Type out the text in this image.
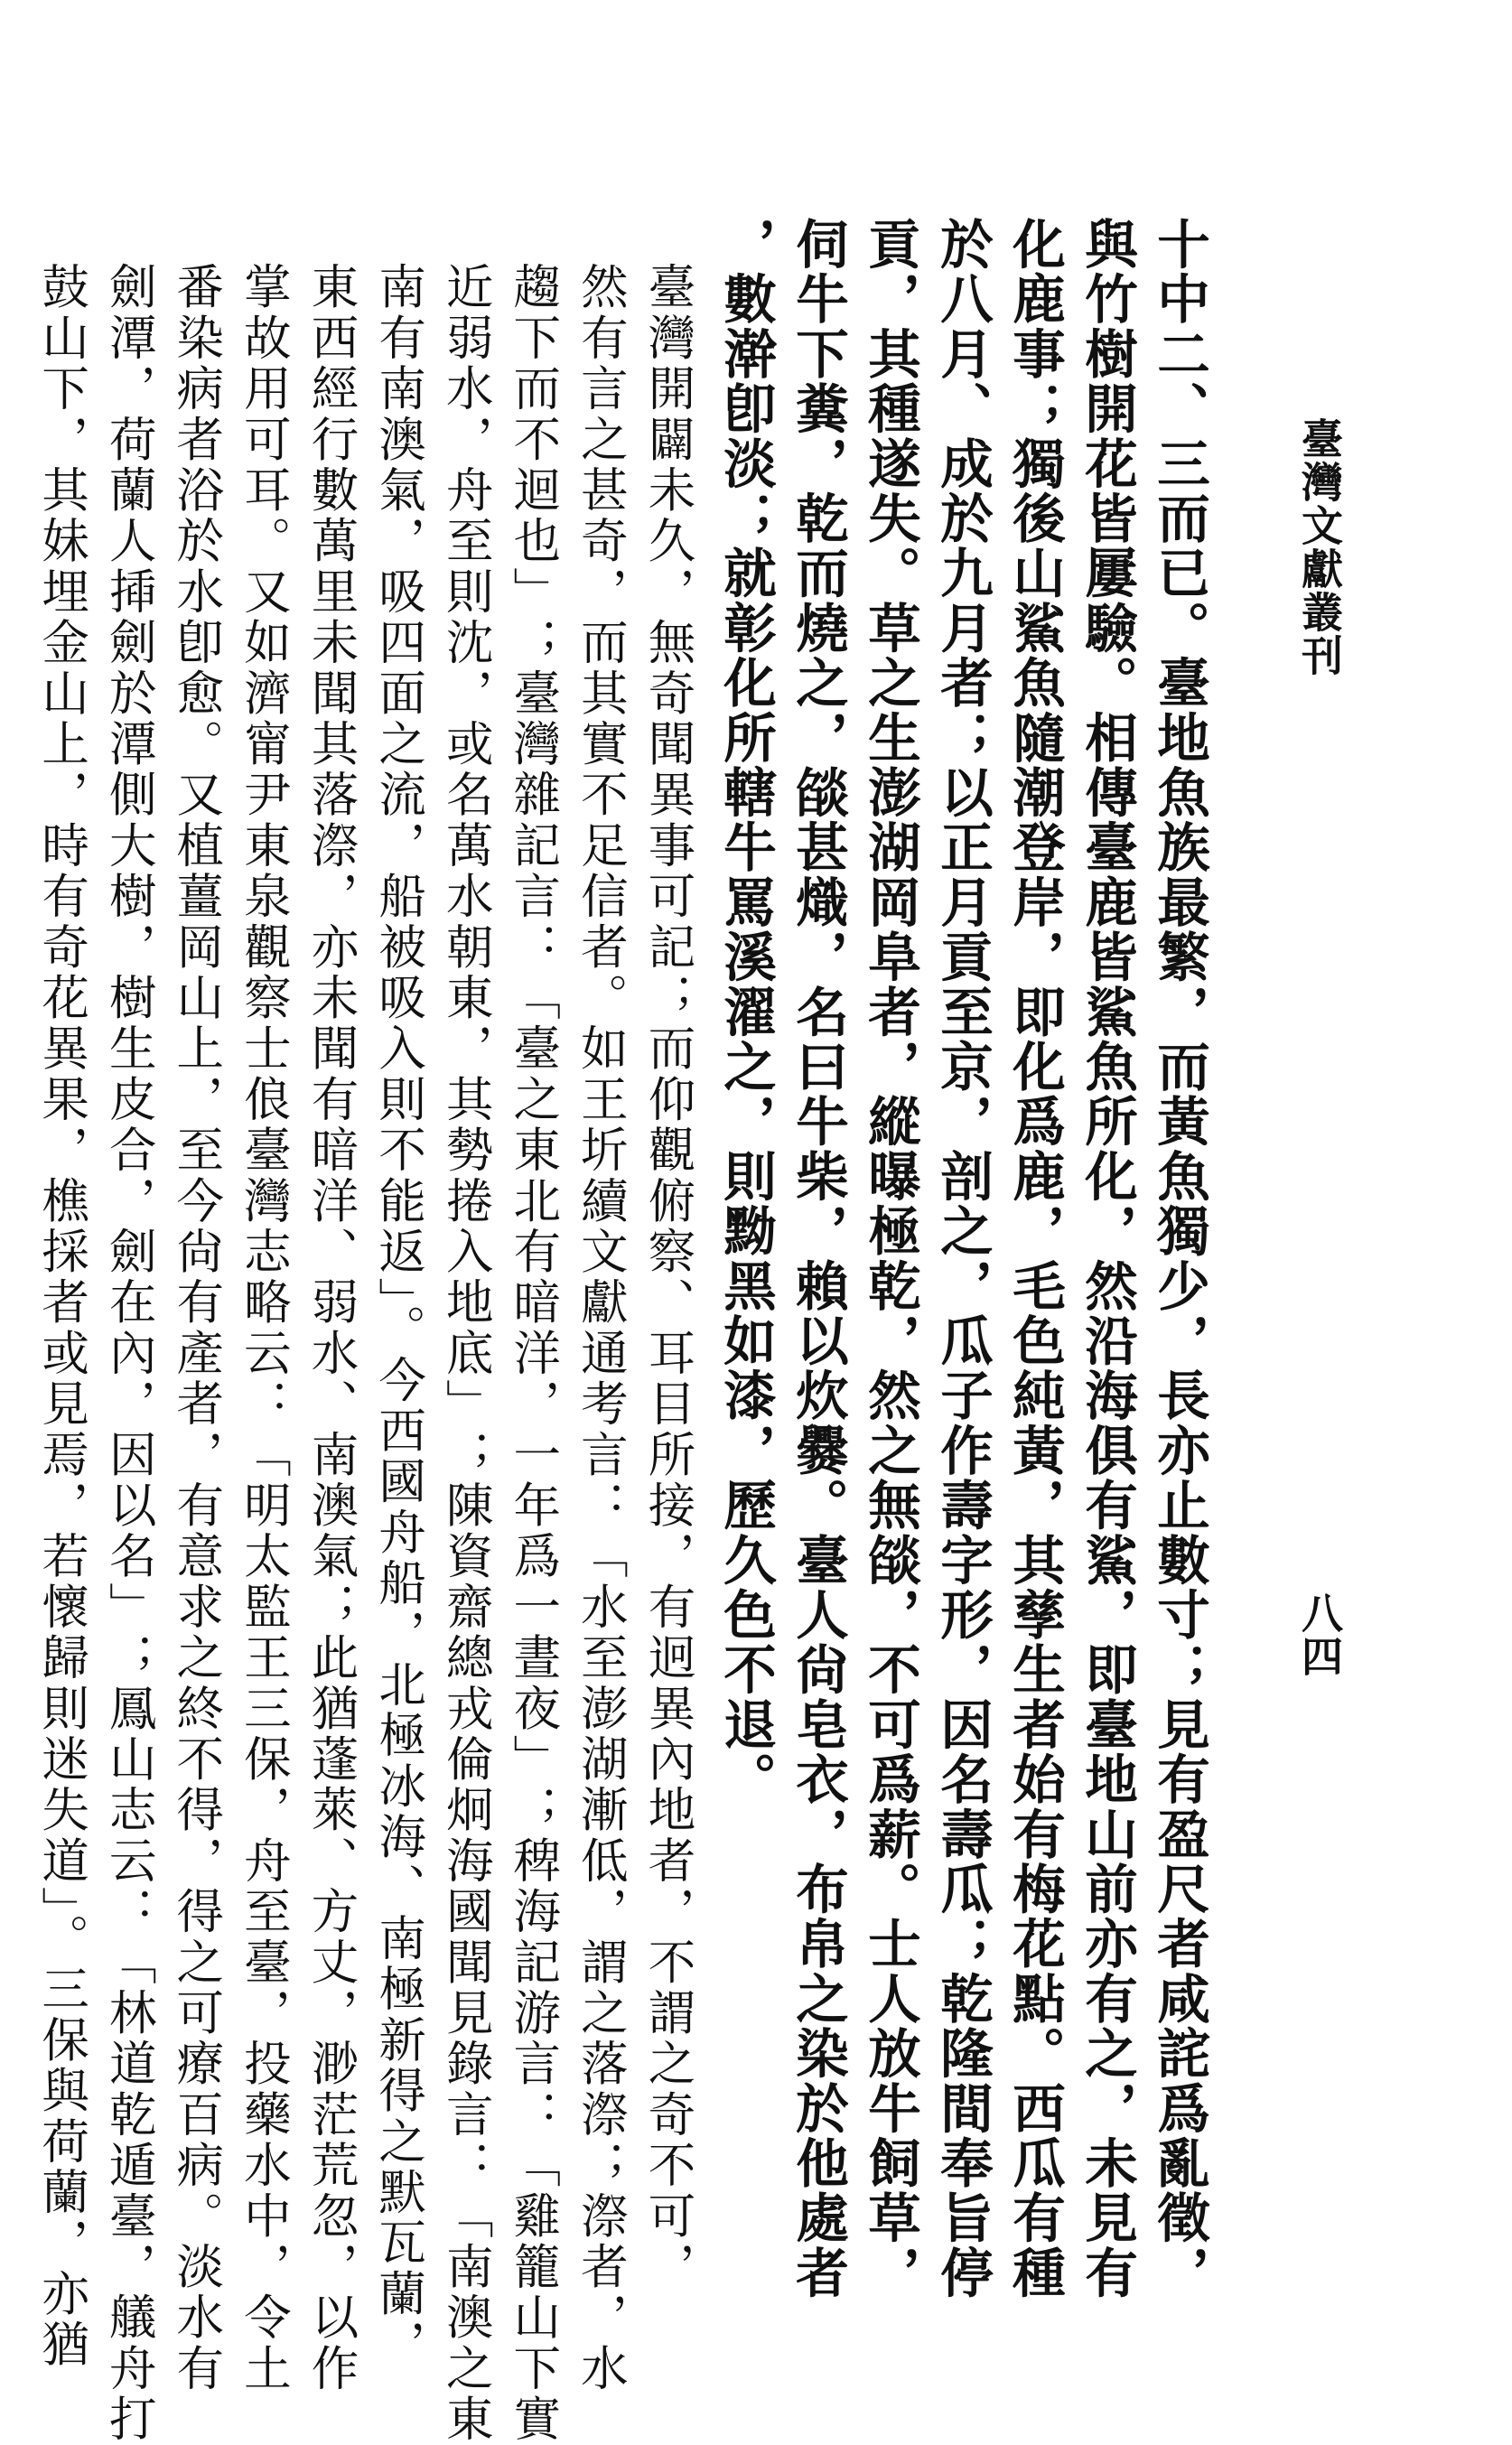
臺灣文獻叢刊
八四
十中二、三而已。臺地魚族最繁，而黃魚獨少，長亦止數寸；見有盈尺者咸詫爲亂徵，
與竹樹開花皆屢驗。相傳臺鹿皆鯊魚所化，然沿海俱有鯊，即臺地山前亦有之，未見有
化鹿事；獨後山鯊魚隨潮登岸，即化爲鹿，毛色純黃，其孳生者始有梅花點。西瓜有種
於八月、成於九月者；以正月貢至京，剖之，瓜子作壽字形，因名壽瓜；乾隆間奉旨停
貢，其種遂失。草之生澎湖岡阜者，縱曝極乾，然之無燄，不可爲薪。士人放牛飼草，
伺牛下糞，乾而燒之，燄甚熾，名曰牛柴，賴以炊爨。臺人尙皂衣，布帛之染於他處者
，數澣卽淡；就彰化所轄牛罵溪濯之，則黝黑如漆，歷久色不退。
臺灣開闢未久，無奇聞異事可記；而仰觀俯察、耳目所接，有迥異內地者，不謂之奇不可，
然有言之甚奇，而其實不足信者。如王圻續文獻通考言：「水至澎湖漸低，謂之落漈；漈者，水
趨下而不迴也」；臺灣雜記言：「臺之東北有暗洋，一年爲一晝夜」；稗海記游言：「雞籠山下實
近弱水，舟至則沈，或名萬水朝東，其勢捲入地底」；陳資齋總戎倫炯海國聞見錄言：「南澳之東
南有南澳氣，吸四面之流，船被吸入則不能返」。今西國舟船，北極冰海、南極新得之默瓦蘭，
東西經行數萬里未聞其落漈，亦未聞有暗洋、弱水、南澳氣；此猶蓬萊、方丈，渺茫荒忽，以作
掌故用可耳。又如濟甯尹東泉觀察士俍臺灣志略云：「明太監王三保，舟至臺，投藥水中，令土
番染病者浴於水卽愈。又植薑岡山上，至今尙有產者，有意求之終不得，得之可療百病。淡水有
劍潭，荷蘭人揷劍於潭側大樹，樹生皮合，劍在內，因以名」；鳳山志云：「林道乾遁臺，艤舟打
鼓山下，其妹埋金山上，時有奇花異果，樵採者或見焉，若懷歸則迷失道」。三保與荷蘭，亦猶
